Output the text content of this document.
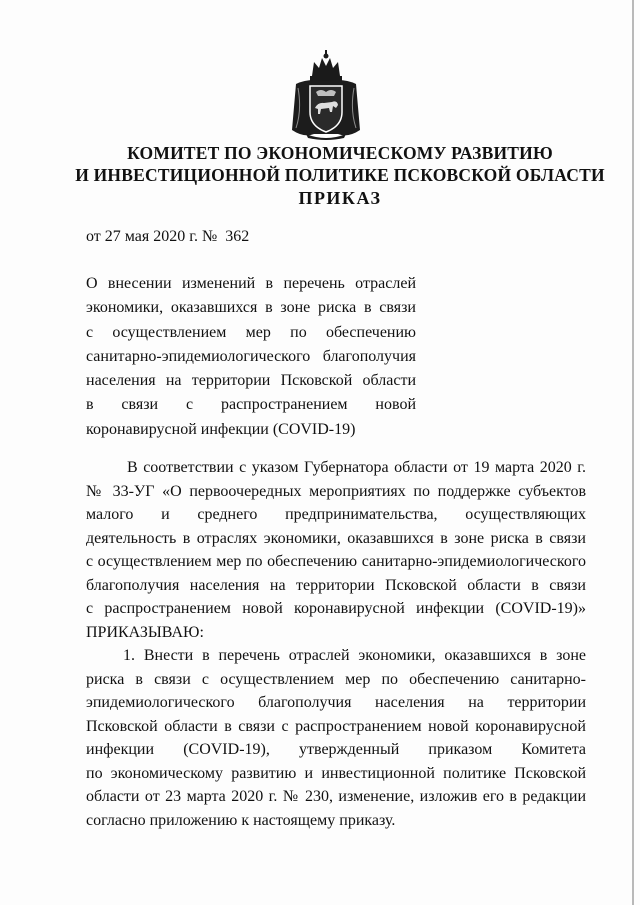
КОМИТЕТ ПО ЭКОНОМИЧЕСКОМУ РАЗВИТИЮ
И ИНВЕСТИЦИОННОЙ ПОЛИТИКЕ ПСКОВСКОЙ ОБЛАСТИ
ПРИКАЗ
от 27 мая 2020 г. №  362
О внесении изменений в перечень отраслей
экономики, оказавшихся в зоне риска в связи
с осуществлением мер по обеспечению
санитарно-эпидемиологического благополучия
населения на территории Псковской области
в связи с распространением новой
коронавирусной инфекции (COVID-19)
В соответствии с указом Губернатора области от 19 марта 2020 г.
№ 33-УГ «О первоочередных мероприятиях по поддержке субъектов
малого и среднего предпринимательства, осуществляющих
деятельность в отраслях экономики, оказавшихся в зоне риска в связи
с осуществлением мер по обеспечению санитарно-эпидемиологического
благополучия населения на территории Псковской области в связи
с распространением новой коронавирусной инфекции (COVID-19)»
ПРИКАЗЫВАЮ:
1. Внести в перечень отраслей экономики, оказавшихся в зоне
риска в связи с осуществлением мер по обеспечению санитарно-
эпидемиологического благополучия населения на территории
Псковской области в связи с распространением новой коронавирусной
инфекции (COVID-19), утвержденный приказом Комитета
по экономическому развитию и инвестиционной политике Псковской
области от 23 марта 2020 г. № 230, изменение, изложив его в редакции
согласно приложению к настоящему приказу.
